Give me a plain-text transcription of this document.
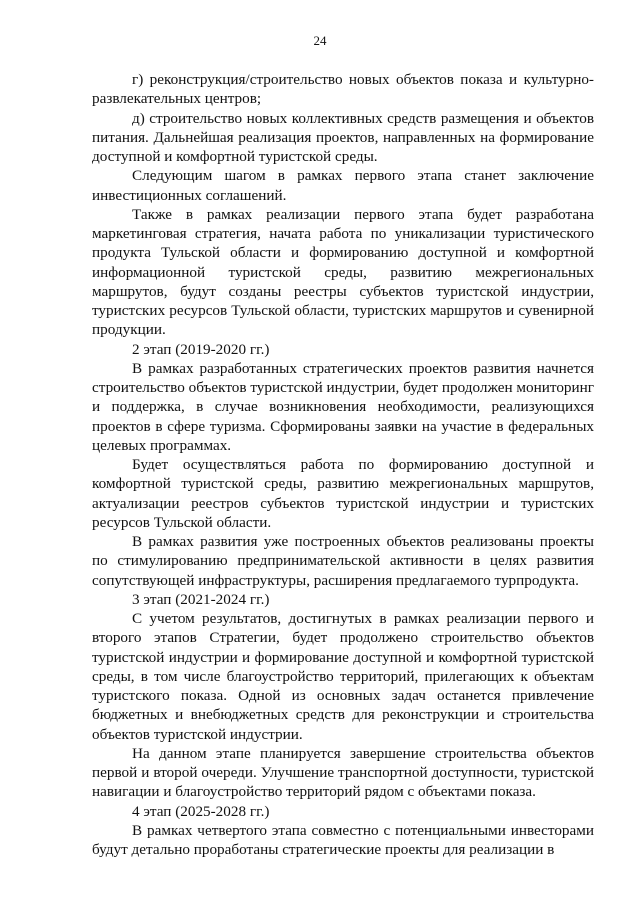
24

г) реконструкция/строительство новых объектов показа и культурно-развлекательных центров;

д) строительство новых коллективных средств размещения и объектов питания. Дальнейшая реализация проектов, направленных на формирование доступной и комфортной туристской среды.

Следующим шагом в рамках первого этапа станет заключение инвестиционных соглашений.

Также в рамках реализации первого этапа будет разработана маркетинговая стратегия, начата работа по уникализации туристического продукта Тульской области и формированию доступной и комфортной информационной туристской среды, развитию межрегиональных маршрутов, будут созданы реестры субъектов туристской индустрии, туристских ресурсов Тульской области, туристских маршрутов и сувенирной продукции.

2 этап (2019-2020 гг.)

В рамках разработанных стратегических проектов развития начнется строительство объектов туристской индустрии, будет продолжен мониторинг и поддержка, в случае возникновения необходимости, реализующихся проектов в сфере туризма. Сформированы заявки на участие в федеральных целевых программах.

Будет осуществляться работа по формированию доступной и комфортной туристской среды, развитию межрегиональных маршрутов, актуализации реестров субъектов туристской индустрии и туристских ресурсов Тульской области.

В рамках развития уже построенных объектов реализованы проекты по стимулированию предпринимательской активности в целях развития сопутствующей инфраструктуры, расширения предлагаемого турпродукта.

3 этап (2021-2024 гг.)

С учетом результатов, достигнутых в рамках реализации первого и второго этапов Стратегии, будет продолжено строительство объектов туристской индустрии и формирование доступной и комфортной туристской среды, в том числе благоустройство территорий, прилегающих к объектам туристского показа. Одной из основных задач останется привлечение бюджетных и внебюджетных средств для реконструкции и строительства объектов туристской индустрии.

На данном этапе планируется завершение строительства объектов первой и второй очереди. Улучшение транспортной доступности, туристской навигации и благоустройство территорий рядом с объектами показа.

4 этап (2025-2028 гг.)

В рамках четвертого этапа совместно с потенциальными инвесторами будут детально проработаны стратегические проекты для реализации в
